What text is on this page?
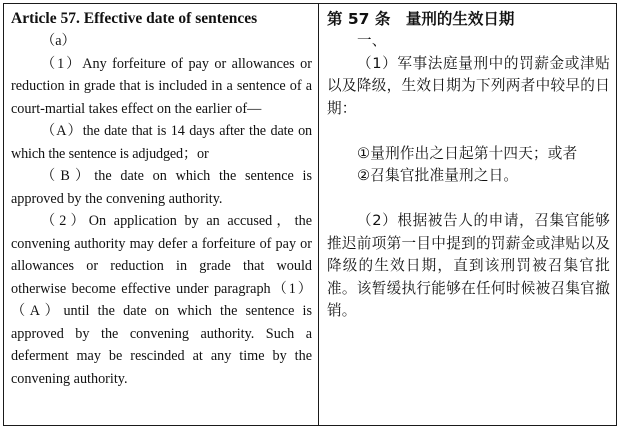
Article 57. Effective date of sentences

（a）

（1）Any forfeiture of pay or allowances or reduction in grade that is included in a sentence of a court-martial takes effect on the earlier of—

（A）the date that is 14 days after the date on which the sentence is adjudged；or

（B）the date on which the sentence is approved by the convening authority.

（2）On application by an accused，the convening authority may defer a forfeiture of pay or allowances or reduction in grade that would otherwise become effective under paragraph（1）（A）until the date on which the sentence is approved by the convening authority. Such a deferment may be rescinded at any time by the convening authority.

第 57 条　量刑的生效日期

一、

（1）军事法庭量刑中的罚薪金或津贴以及降级，生效日期为下列两者中较早的日期：

①量刑作出之日起第十四天；或者

②召集官批准量刑之日。

（2）根据被告人的申请，召集官能够推迟前项第一目中提到的罚薪金或津贴以及降级的生效日期，直到该刑罚被召集官批准。该暂缓执行能够在任何时候被召集官撤销。
